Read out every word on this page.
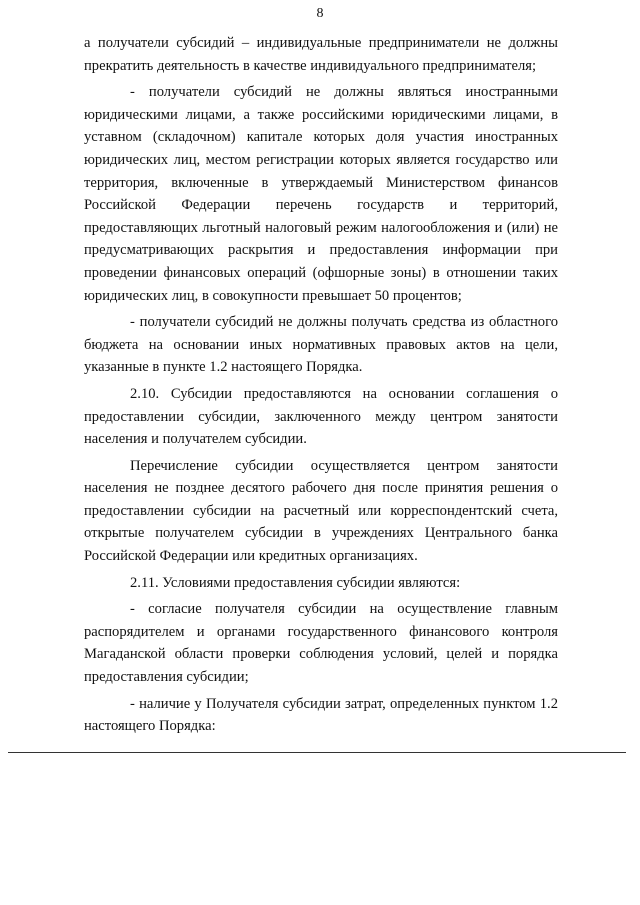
8

а получатели субсидий – индивидуальные предприниматели не должны прекратить деятельность в качестве индивидуального предпринимателя;

- получатели субсидий не должны являться иностранными юридическими лицами, а также российскими юридическими лицами, в уставном (складочном) капитале которых доля участия иностранных юридических лиц, местом регистрации которых является государство или территория, включенные в утверждаемый Министерством финансов Российской Федерации перечень государств и территорий, предоставляющих льготный налоговый режим налогообложения и (или) не предусматривающих раскрытия и предоставления информации при проведении финансовых операций (офшорные зоны) в отношении таких юридических лиц, в совокупности превышает 50 процентов;

- получатели субсидий не должны получать средства из областного бюджета на основании иных нормативных правовых актов на цели, указанные в пункте 1.2 настоящего Порядка.

2.10. Субсидии предоставляются на основании соглашения о предоставлении субсидии, заключенного между центром занятости населения и получателем субсидии.

Перечисление субсидии осуществляется центром занятости населения не позднее десятого рабочего дня после принятия решения о предоставлении субсидии на расчетный или корреспондентский счета, открытые получателем субсидии в учреждениях Центрального банка Российской Федерации или кредитных организациях.

2.11. Условиями предоставления субсидии являются:

- согласие получателя субсидии на осуществление главным распорядителем и органами государственного финансового контроля Магаданской области проверки соблюдения условий, целей и порядка предоставления субсидии;

- наличие у Получателя субсидии затрат, определенных пунктом 1.2 настоящего Порядка:
